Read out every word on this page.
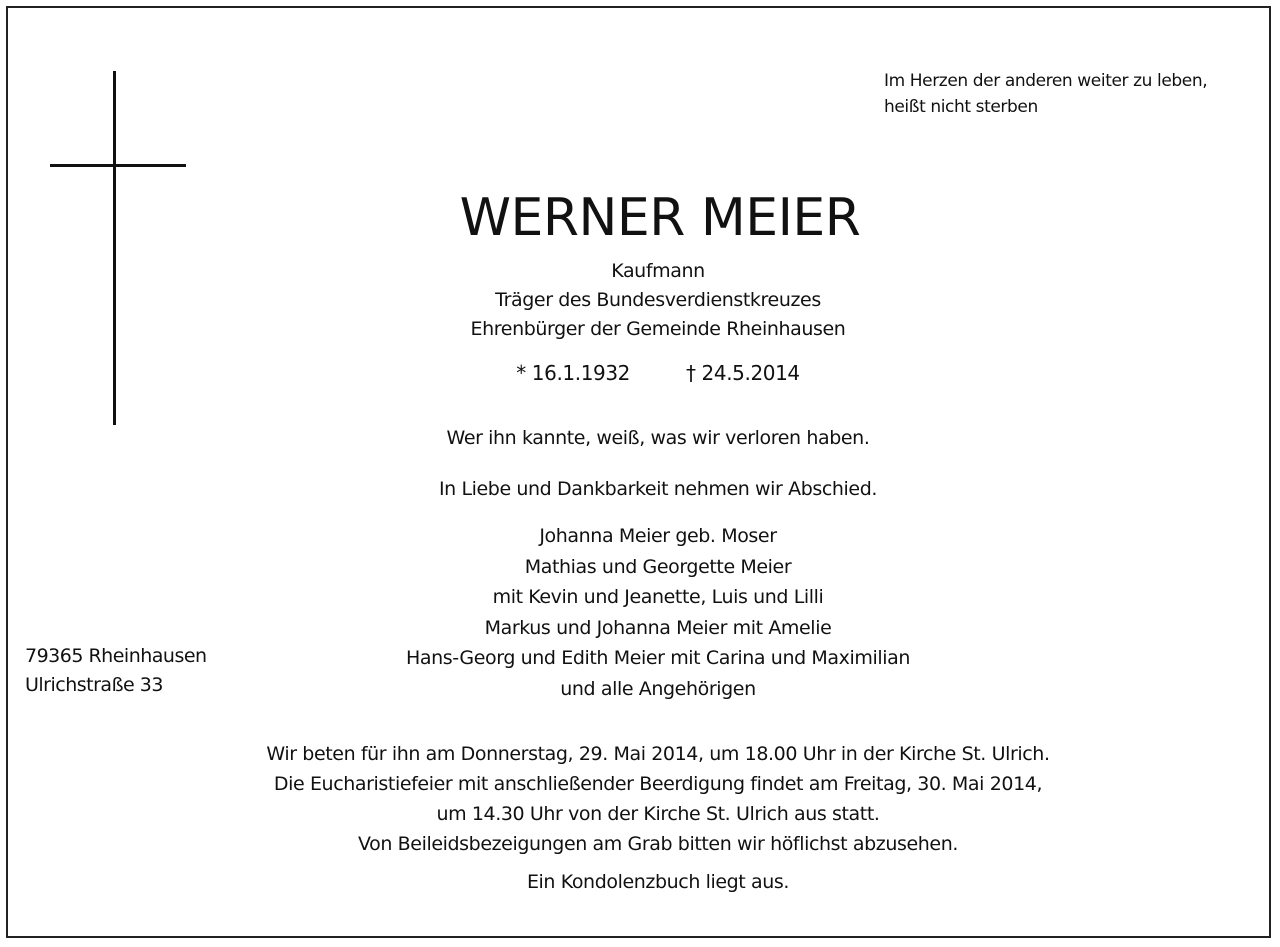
Im Herzen der anderen weiter zu leben,
heißt nicht sterben
WERNER MEIER
Kaufmann
Träger des Bundesverdienstkreuzes
Ehrenbürger der Gemeinde Rheinhausen
* 16.1.1932	† 24.5.2014
Wer ihn kannte, weiß, was wir verloren haben.
In Liebe und Dankbarkeit nehmen wir Abschied.
Johanna Meier geb. Moser
Mathias und Georgette Meier
mit Kevin und Jeanette, Luis und Lilli
Markus und Johanna Meier mit Amelie
Hans-Georg und Edith Meier mit Carina und Maximilian
und alle Angehörigen
79365 Rheinhausen
Ulrichstraße 33
Wir beten für ihn am Donnerstag, 29. Mai 2014, um 18.00 Uhr in der Kirche St. Ulrich.
Die Eucharistiefeier mit anschließender Beerdigung findet am Freitag, 30. Mai 2014,
um 14.30 Uhr von der Kirche St. Ulrich aus statt.
Von Beileidsbezeigungen am Grab bitten wir höflichst abzusehen.
Ein Kondolenzbuch liegt aus.
